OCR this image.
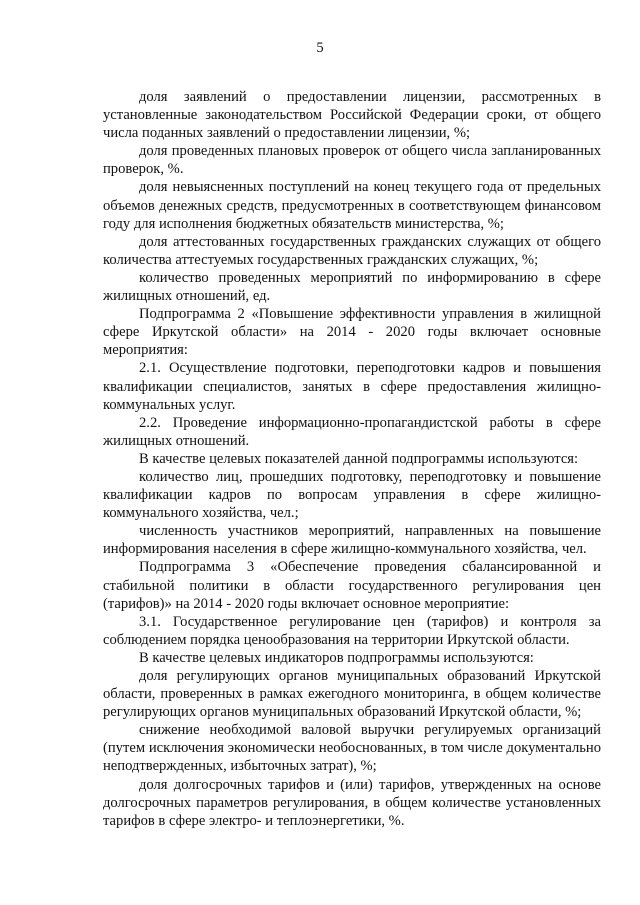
5

доля заявлений о предоставлении лицензии, рассмотренных в установленные законодательством Российской Федерации сроки, от общего числа поданных заявлений о предоставлении лицензии, %;

доля проведенных плановых проверок от общего числа запланированных проверок, %.

доля невыясненных поступлений на конец текущего года от предельных объемов денежных средств, предусмотренных в соответствующем финансовом году для исполнения бюджетных обязательств министерства, %;

доля аттестованных государственных гражданских служащих от общего количества аттестуемых государственных гражданских служащих, %;

количество проведенных мероприятий по информированию в сфере жилищных отношений, ед.

Подпрограмма 2 «Повышение эффективности управления в жилищной сфере Иркутской области» на 2014 - 2020 годы включает основные мероприятия:

2.1. Осуществление подготовки, переподготовки кадров и повышения квалификации специалистов, занятых в сфере предоставления жилищно-коммунальных услуг.

2.2. Проведение информационно-пропагандистской работы в сфере жилищных отношений.

В качестве целевых показателей данной подпрограммы используются:

количество лиц, прошедших подготовку, переподготовку и повышение квалификации кадров по вопросам управления в сфере жилищно-коммунального хозяйства, чел.;

численность участников мероприятий, направленных на повышение информирования населения в сфере жилищно-коммунального хозяйства, чел.

Подпрограмма 3 «Обеспечение проведения сбалансированной и стабильной политики в области государственного регулирования цен (тарифов)» на 2014 - 2020 годы включает основное мероприятие:

3.1. Государственное регулирование цен (тарифов) и контроля за соблюдением порядка ценообразования на территории Иркутской области.

В качестве целевых индикаторов подпрограммы используются:

доля регулирующих органов муниципальных образований Иркутской области, проверенных в рамках ежегодного мониторинга, в общем количестве регулирующих органов муниципальных образований Иркутской области, %;

снижение необходимой валовой выручки регулируемых организаций (путем исключения экономически необоснованных, в том числе документально неподтвержденных, избыточных затрат), %;

доля долгосрочных тарифов и (или) тарифов, утвержденных на основе долгосрочных параметров регулирования, в общем количестве установленных тарифов в сфере электро- и теплоэнергетики, %.
